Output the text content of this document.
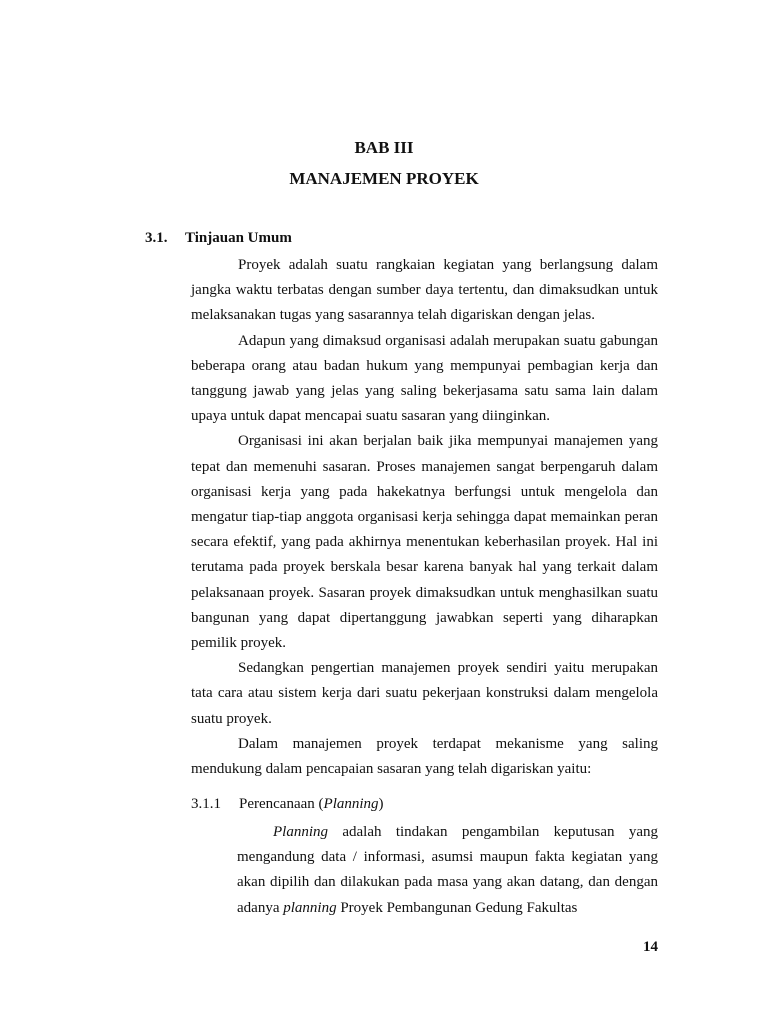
BAB III
MANAJEMEN PROYEK
3.1. Tinjauan Umum

Proyek adalah suatu rangkaian kegiatan yang berlangsung dalam jangka waktu terbatas dengan sumber daya tertentu, dan dimaksudkan untuk melaksanakan tugas yang sasarannya telah digariskan dengan jelas.

Adapun yang dimaksud organisasi adalah merupakan suatu gabungan beberapa orang atau badan hukum yang mempunyai pembagian kerja dan tanggung jawab yang jelas yang saling bekerjasama satu sama lain dalam upaya untuk dapat mencapai suatu sasaran yang diinginkan.

Organisasi ini akan berjalan baik jika mempunyai manajemen yang tepat dan memenuhi sasaran. Proses manajemen sangat berpengaruh dalam organisasi kerja yang pada hakekatnya berfungsi untuk mengelola dan mengatur tiap-tiap anggota organisasi kerja sehingga dapat memainkan peran secara efektif, yang pada akhirnya menentukan keberhasilan proyek. Hal ini terutama pada proyek berskala besar karena banyak hal yang terkait dalam pelaksanaan proyek. Sasaran proyek dimaksudkan untuk menghasilkan suatu bangunan yang dapat dipertanggung jawabkan seperti yang diharapkan pemilik proyek.

Sedangkan pengertian manajemen proyek sendiri yaitu merupakan tata cara atau sistem kerja dari suatu pekerjaan konstruksi dalam mengelola suatu proyek.

Dalam manajemen proyek terdapat mekanisme yang saling mendukung dalam pencapaian sasaran yang telah digariskan yaitu:

3.1.1 Perencanaan (Planning)

Planning adalah tindakan pengambilan keputusan yang mengandung data / informasi, asumsi maupun fakta kegiatan yang akan dipilih dan dilakukan pada masa yang akan datang, dan dengan adanya planning Proyek Pembangunan Gedung Fakultas

14
